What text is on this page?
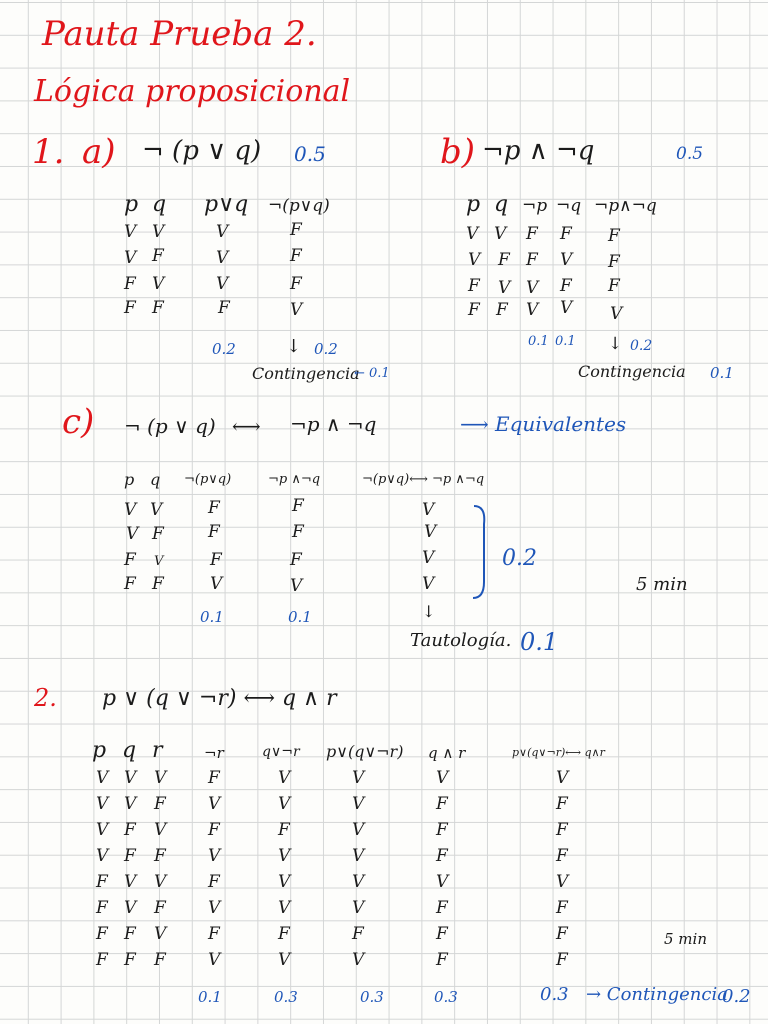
Pauta Prueba 2.
Lógica proposicional
1. a) ¬ (p ∨ q) 0.5
p q p∨q ¬(p∨q)
V V	V	F
V F	V	F
F V	V	F
F F	F	V
0.2	↓ 0.2
Contingencia
← 0.1
b) ¬p ∧ ¬q	0.5
p q ¬p ¬q ¬p∧¬q
V V F F F
V F F V F
F V V F F
F F V V V
0.1 0.1 ↓ 0.2
Contingencia 0.1
c) ¬ (p ∨ q) ⟷ ¬p ∧ ¬q	⟶ Equivalentes
p q ¬(p∨q)	¬p ∧¬q	¬(p∨q)⟷ ¬p ∧¬q
V V	F	F	V
V F	F	F	V
F V	F	F	V
F F	V	V	V
0.2
5 min
0.1	0.1	↓
Tautología. 0.1
2. p ∨ (q ∨ ¬r) ⟷ q ∧ r
p q r	¬r	q∨¬r p∨(q∨¬r) q ∧ r	p∨(q∨¬r)⟷ q∧r
V V V F	V	V	V	V
V V F V	V	V	F	F
V F V F	F	V	F	F
V F F V	V	V	F	F
F V V F	V	V	V	V
F V F V	V	V	F	F
F F V F	F	F	F	F
F F F V	V	V	F	F
0.1	0.3	0.3	0.3	0.3 → Contingencia
0.2
5 min
